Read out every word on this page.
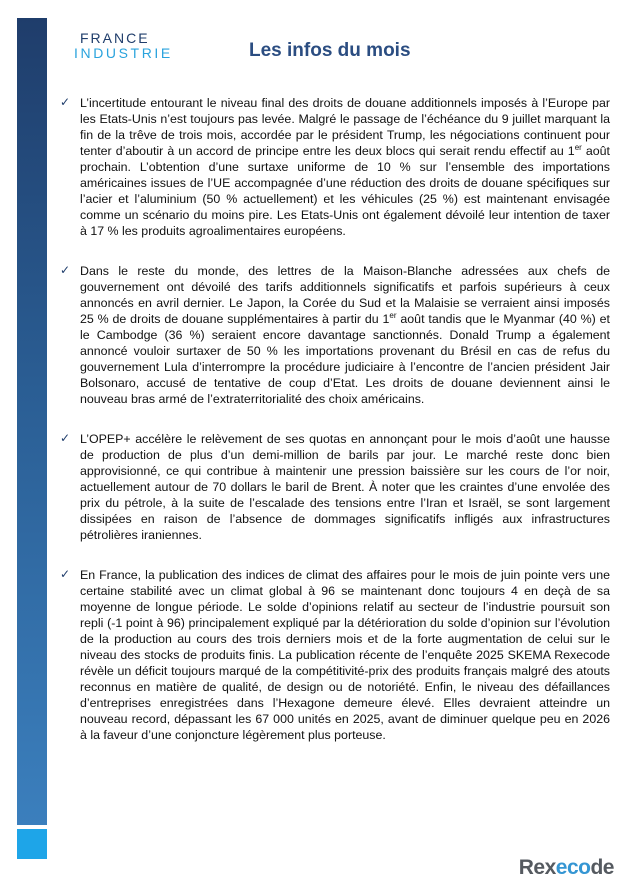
FRANCE
INDUSTRIE	Les infos du mois
✓ L’incertitude entourant le niveau final des droits de douane additionnels imposés à l’Europe par les Etats-Unis n’est toujours pas levée. Malgré le passage de l’échéance du 9 juillet marquant la fin de la trêve de trois mois, accordée par le président Trump, les négociations continuent pour tenter d’aboutir à un accord de principe entre les deux blocs qui serait rendu effectif au 1er août prochain. L’obtention d’une surtaxe uniforme de 10 % sur l’ensemble des importations américaines issues de l’UE accompagnée d’une réduction des droits de douane spécifiques sur l’acier et l’aluminium (50 % actuellement) et les véhicules (25 %) est maintenant envisagée comme un scénario du moins pire. Les Etats-Unis ont également dévoilé leur intention de taxer à 17 % les produits agroalimentaires européens.
✓ Dans le reste du monde, des lettres de la Maison-Blanche adressées aux chefs de gouvernement ont dévoilé des tarifs additionnels significatifs et parfois supérieurs à ceux annoncés en avril dernier. Le Japon, la Corée du Sud et la Malaisie se verraient ainsi imposés 25 % de droits de douane supplémentaires à partir du 1er août tandis que le Myanmar (40 %) et le Cambodge (36 %) seraient encore davantage sanctionnés. Donald Trump a également annoncé vouloir surtaxer de 50 % les importations provenant du Brésil en cas de refus du gouvernement Lula d’interrompre la procédure judiciaire à l’encontre de l’ancien président Jair Bolsonaro, accusé de tentative de coup d’Etat. Les droits de douane deviennent ainsi le nouveau bras armé de l’extraterritorialité des choix américains.
✓ L’OPEP+ accélère le relèvement de ses quotas en annonçant pour le mois d’août une hausse de production de plus d’un demi-million de barils par jour. Le marché reste donc bien approvisionné, ce qui contribue à maintenir une pression baissière sur les cours de l’or noir, actuellement autour de 70 dollars le baril de Brent. À noter que les craintes d’une envolée des prix du pétrole, à la suite de l’escalade des tensions entre l’Iran et Israël, se sont largement dissipées en raison de l’absence de dommages significatifs infligés aux infrastructures pétrolières iraniennes.
✓ En France, la publication des indices de climat des affaires pour le mois de juin pointe vers une certaine stabilité avec un climat global à 96 se maintenant donc toujours 4 en deçà de sa moyenne de longue période. Le solde d’opinions relatif au secteur de l’industrie poursuit son repli (-1 point à 96) principalement expliqué par la détérioration du solde d’opinion sur l’évolution de la production au cours des trois derniers mois et de la forte augmentation de celui sur le niveau des stocks de produits finis. La publication récente de l’enquête 2025 SKEMA Rexecode révèle un déficit toujours marqué de la compétitivité-prix des produits français malgré des atouts reconnus en matière de qualité, de design ou de notoriété. Enfin, le niveau des défaillances d’entreprises enregistrées dans l’Hexagone demeure élevé. Elles devraient atteindre un nouveau record, dépassant les 67 000 unités en 2025, avant de diminuer quelque peu en 2026 à la faveur d’une conjoncture légèrement plus porteuse.
Rexecode
